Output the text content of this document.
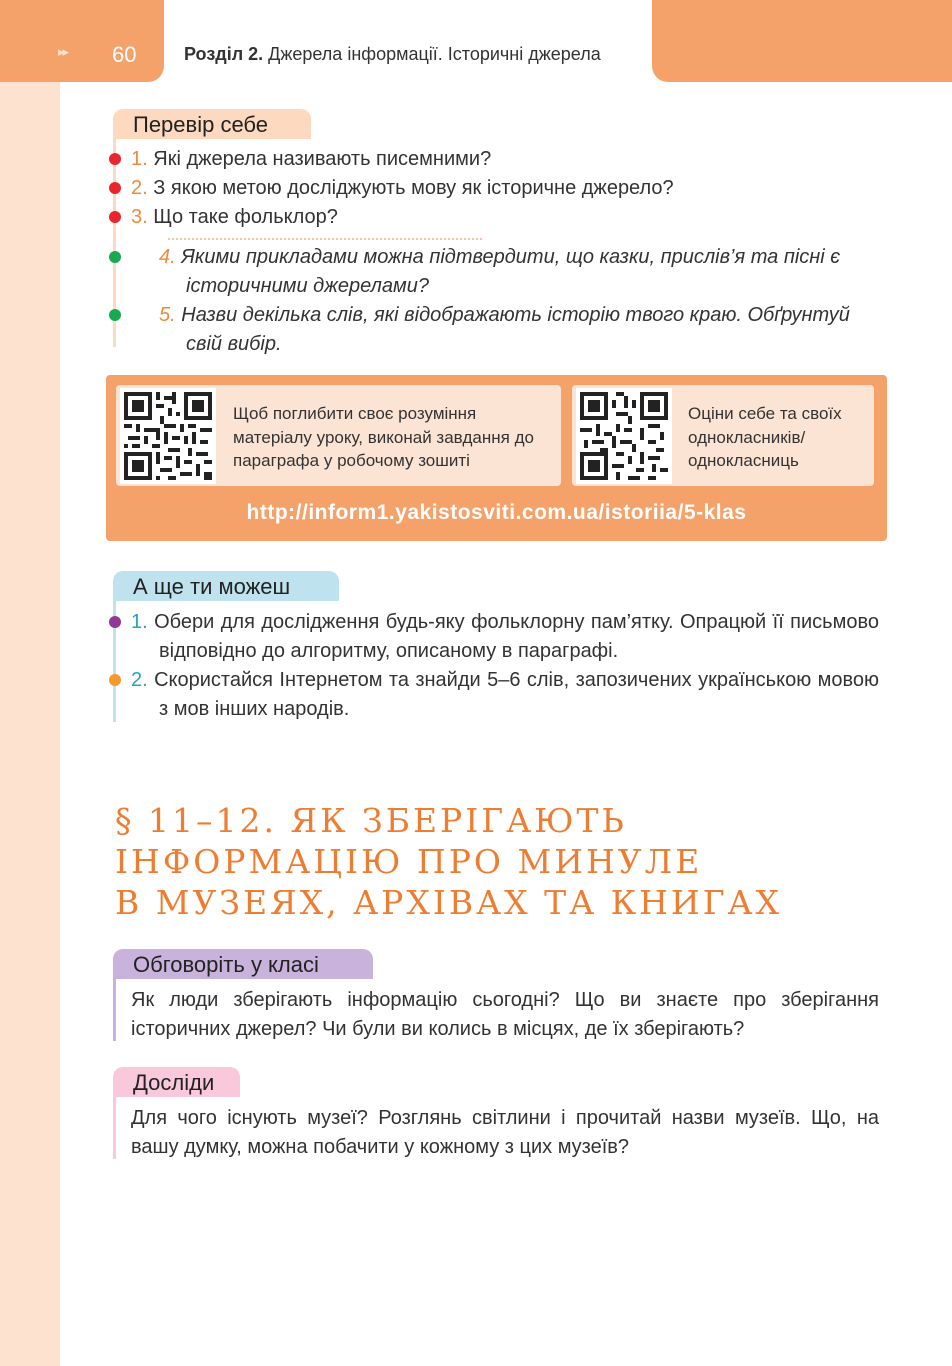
▸▸ 60	Розділ 2. Джерела інформації. Історичні джерела
Перевір себе
1. Які джерела називають писемними?
2. З якою метою досліджують мову як історичне джерело?
3. Що таке фольклор?
4. Якими прикладами можна підтвердити, що казки, прислів’я та пісні є історичними джерелами?
5. Назви декілька слів, які відображають історію твого краю. Обґрунтуй свій вибір.
Щоб поглибити своє розуміння матеріалу уроку, виконай завдання до параграфа у робочому зошиті
Оціни себе та своїх однокласників/ однокласниць
http://inform1.yakistosviti.com.ua/istoriia/5-klas
А ще ти можеш
1. Обери для дослідження будь-яку фольклорну пам’ятку. Опрацюй її письмово відповідно до алгоритму, описаному в параграфі.
2. Скористайся Інтернетом та знайди 5–6 слів, запозичених українською мовою з мов інших народів.
§ 11–12. ЯК ЗБЕРІГАЮТЬ
ІНФОРМАЦІЮ ПРО МИНУЛЕ
В МУЗЕЯХ, АРХІВАХ ТА КНИГАХ
Обговоріть у класі
Як люди зберігають інформацію сьогодні? Що ви знаєте про зберігання історичних джерел? Чи були ви колись в місцях, де їх зберігають?
Досліди
Для чого існують музеї? Розглянь світлини і прочитай назви музеїв. Що, на вашу думку, можна побачити у кожному з цих музеїв?
